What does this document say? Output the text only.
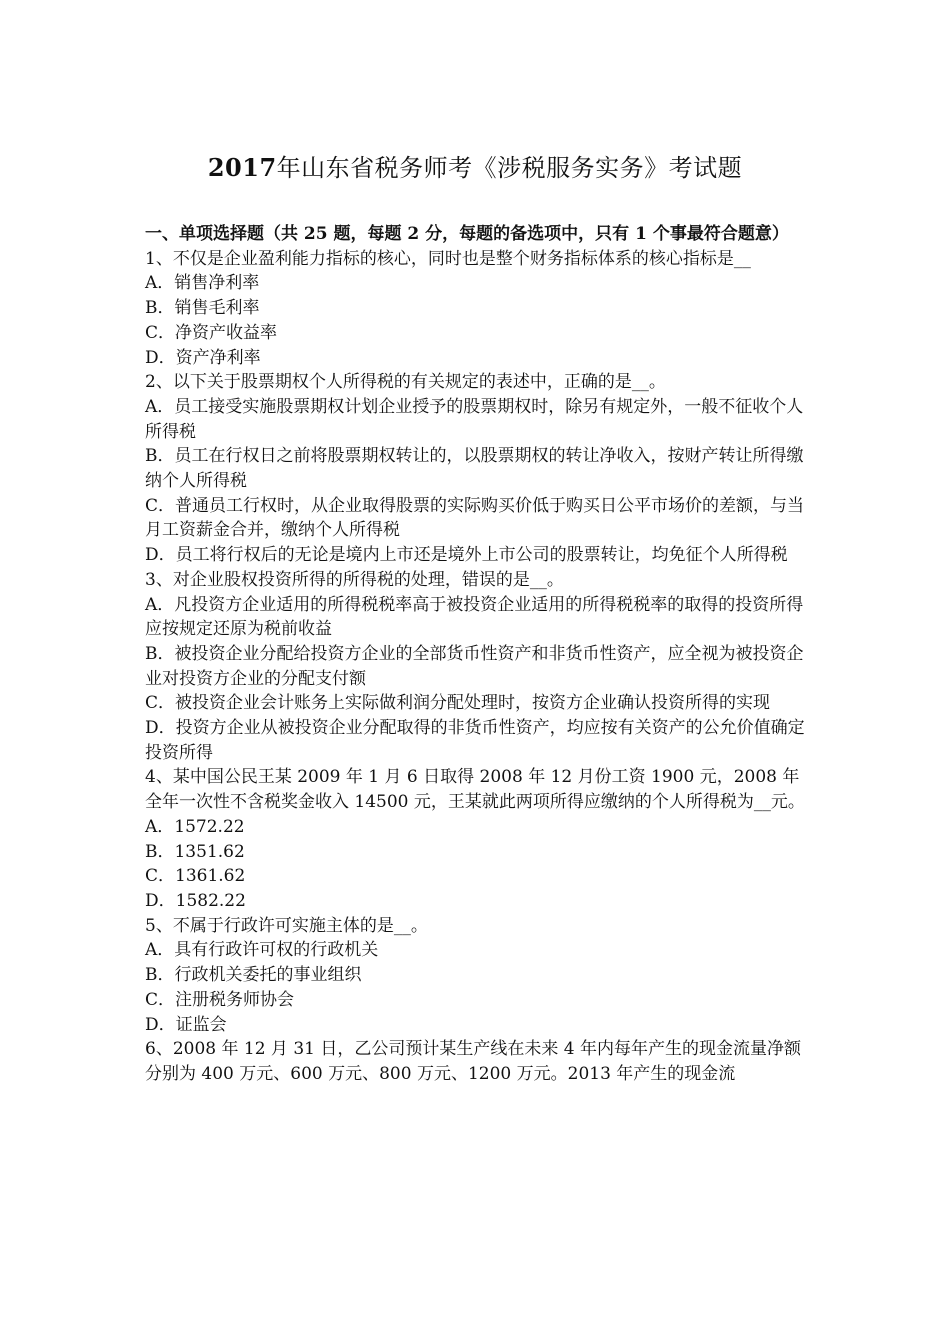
2017年山东省税务师考《涉税服务实务》考试题
一、单项选择题（共 25 题，每题 2 分，每题的备选项中，只有 1 个事最符合题意）
1、不仅是企业盈利能力指标的核心，同时也是整个财务指标体系的核心指标是__
A．销售净利率
B．销售毛利率
C．净资产收益率
D．资产净利率
2、以下关于股票期权个人所得税的有关规定的表述中，正确的是__。
A．员工接受实施股票期权计划企业授予的股票期权时，除另有规定外，一般不征收个人所得税
B．员工在行权日之前将股票期权转让的，以股票期权的转让净收入，按财产转让所得缴纳个人所得税
C．普通员工行权时，从企业取得股票的实际购买价低于购买日公平市场价的差额，与当月工资薪金合并，缴纳个人所得税
D．员工将行权后的无论是境内上市还是境外上市公司的股票转让，均免征个人所得税
3、对企业股权投资所得的所得税的处理，错误的是__。
A．凡投资方企业适用的所得税税率高于被投资企业适用的所得税税率的取得的投资所得应按规定还原为税前收益
B．被投资企业分配给投资方企业的全部货币性资产和非货币性资产，应全视为被投资企业对投资方企业的分配支付额
C．被投资企业会计账务上实际做利润分配处理时，按资方企业确认投资所得的实现
D．投资方企业从被投资企业分配取得的非货币性资产，均应按有关资产的公允价值确定投资所得
4、某中国公民王某 2009 年 1 月 6 日取得 2008 年 12 月份工资 1900 元，2008 年全年一次性不含税奖金收入 14500 元，王某就此两项所得应缴纳的个人所得税为__元。
A．1572.22
B．1351.62
C．1361.62
D．1582.22
5、不属于行政许可实施主体的是__。
A．具有行政许可权的行政机关
B．行政机关委托的事业组织
C．注册税务师协会
D．证监会
6、2008 年 12 月 31 日，乙公司预计某生产线在未来 4 年内每年产生的现金流量净额分别为 400 万元、600 万元、800 万元、1200 万元。2013 年产生的现金流
